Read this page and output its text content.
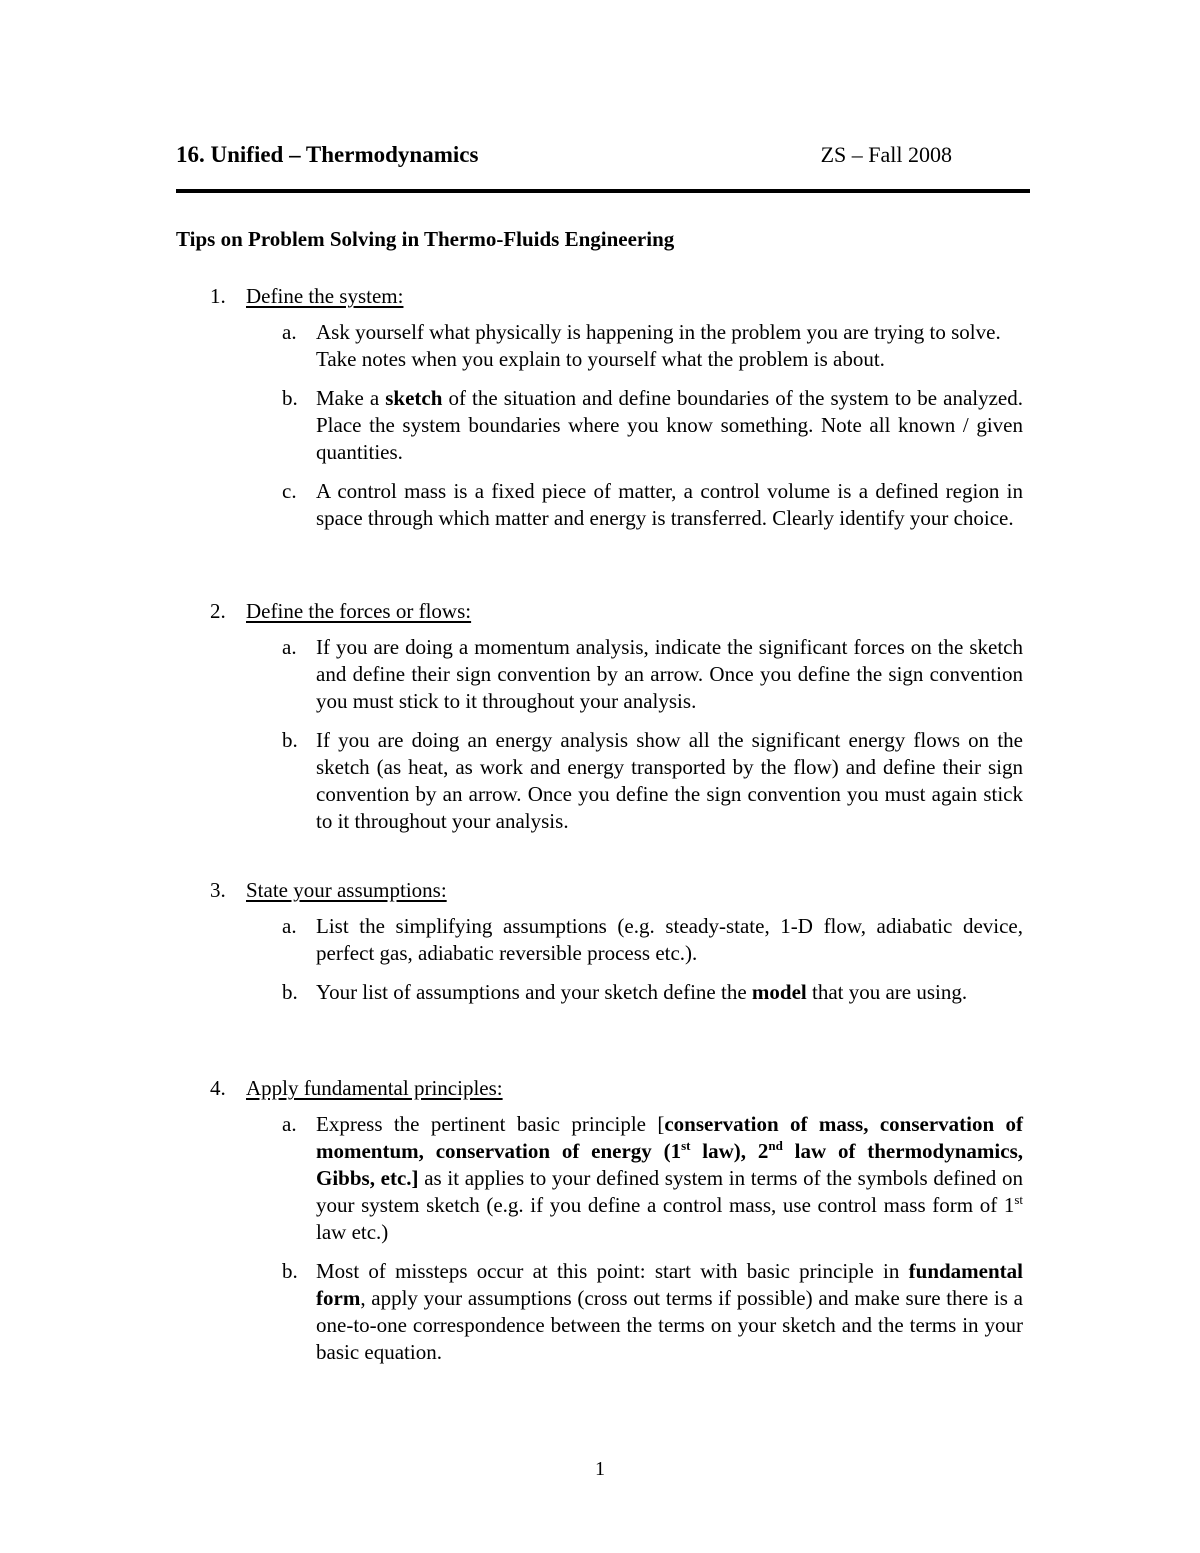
16. Unified – Thermodynamics	ZS – Fall 2008
Tips on Problem Solving in Thermo-Fluids Engineering
1. Define the system:
a. Ask yourself what physically is happening in the problem you are trying to solve. Take notes when you explain to yourself what the problem is about.
b. Make a sketch of the situation and define boundaries of the system to be analyzed. Place the system boundaries where you know something. Note all known / given quantities.
c. A control mass is a fixed piece of matter, a control volume is a defined region in space through which matter and energy is transferred. Clearly identify your choice.
2. Define the forces or flows:
a. If you are doing a momentum analysis, indicate the significant forces on the sketch and define their sign convention by an arrow. Once you define the sign convention you must stick to it throughout your analysis.
b. If you are doing an energy analysis show all the significant energy flows on the sketch (as heat, as work and energy transported by the flow) and define their sign convention by an arrow. Once you define the sign convention you must again stick to it throughout your analysis.
3. State your assumptions:
a. List the simplifying assumptions (e.g. steady-state, 1-D flow, adiabatic device, perfect gas, adiabatic reversible process etc.).
b. Your list of assumptions and your sketch define the model that you are using.
4. Apply fundamental principles:
a. Express the pertinent basic principle [conservation of mass, conservation of momentum, conservation of energy (1st law), 2nd law of thermodynamics, Gibbs, etc.] as it applies to your defined system in terms of the symbols defined on your system sketch (e.g. if you define a control mass, use control mass form of 1st law etc.)
b. Most of missteps occur at this point: start with basic principle in fundamental form, apply your assumptions (cross out terms if possible) and make sure there is a one-to-one correspondence between the terms on your sketch and the terms in your basic equation.
1
